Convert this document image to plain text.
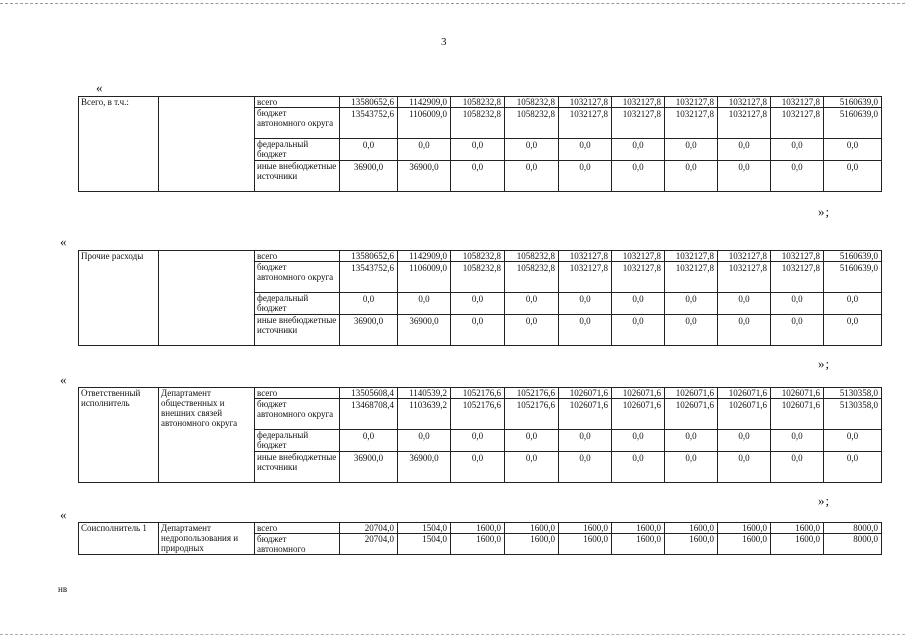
3
«
Всего, в т.ч.:		всего	13580652,6	1142909,0	1058232,8	1058232,8	1032127,8	1032127,8	1032127,8	1032127,8	1032127,8	5160639,0
		бюджет автономного округа	13543752,6	1106009,0	1058232,8	1058232,8	1032127,8	1032127,8	1032127,8	1032127,8	1032127,8	5160639,0
		федеральный бюджет	0,0	0,0	0,0	0,0	0,0	0,0	0,0	0,0	0,0	0,0
		иные внебюджетные источники	36900,0	36900,0	0,0	0,0	0,0	0,0	0,0	0,0	0,0	0,0
»;
«
Прочие расходы		всего	13580652,6	1142909,0	1058232,8	1058232,8	1032127,8	1032127,8	1032127,8	1032127,8	1032127,8	5160639,0
		бюджет автономного округа	13543752,6	1106009,0	1058232,8	1058232,8	1032127,8	1032127,8	1032127,8	1032127,8	1032127,8	5160639,0
		федеральный бюджет	0,0	0,0	0,0	0,0	0,0	0,0	0,0	0,0	0,0	0,0
		иные внебюджетные источники	36900,0	36900,0	0,0	0,0	0,0	0,0	0,0	0,0	0,0	0,0
»;
«
Ответственный исполнитель	Департамент общественных и внешних связей автономного округа	всего	13505608,4	1140539,2	1052176,6	1052176,6	1026071,6	1026071,6	1026071,6	1026071,6	1026071,6	5130358,0
		бюджет автономного округа	13468708,4	1103639,2	1052176,6	1052176,6	1026071,6	1026071,6	1026071,6	1026071,6	1026071,6	5130358,0
		федеральный бюджет	0,0	0,0	0,0	0,0	0,0	0,0	0,0	0,0	0,0	0,0
		иные внебюджетные источники	36900,0	36900,0	0,0	0,0	0,0	0,0	0,0	0,0	0,0	0,0
»;
«
Соисполнитель 1	Департамент недропользования и природных	всего	20704,0	1504,0	1600,0	1600,0	1600,0	1600,0	1600,0	1600,0	1600,0	8000,0
		бюджет автономного	20704,0	1504,0	1600,0	1600,0	1600,0	1600,0	1600,0	1600,0	1600,0	8000,0
нв
